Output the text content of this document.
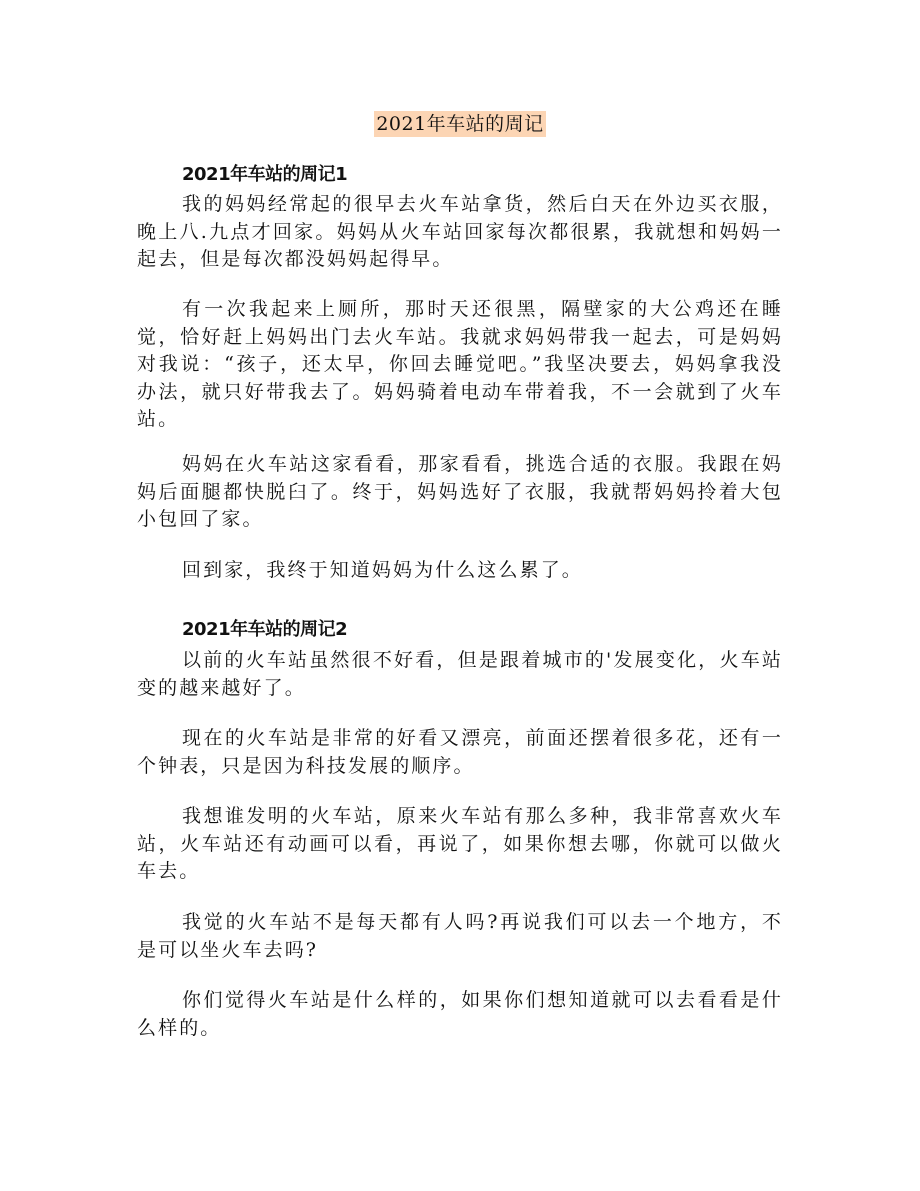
2021年车站的周记
2021年车站的周记1

我的妈妈经常起的很早去火车站拿货，然后白天在外边买衣服，晚上八.九点才回家。妈妈从火车站回家每次都很累，我就想和妈妈一起去，但是每次都没妈妈起得早。

有一次我起来上厕所，那时天还很黑，隔壁家的大公鸡还在睡觉，恰好赶上妈妈出门去火车站。我就求妈妈带我一起去，可是妈妈对我说：“孩子，还太早，你回去睡觉吧。”我坚决要去，妈妈拿我没办法，就只好带我去了。妈妈骑着电动车带着我，不一会就到了火车站。

妈妈在火车站这家看看，那家看看，挑选合适的衣服。我跟在妈妈后面腿都快脱臼了。终于，妈妈选好了衣服，我就帮妈妈拎着大包小包回了家。

回到家，我终于知道妈妈为什么这么累了。

2021年车站的周记2

以前的火车站虽然很不好看，但是跟着城市的'发展变化，火车站变的越来越好了。

现在的火车站是非常的好看又漂亮，前面还摆着很多花，还有一个钟表，只是因为科技发展的顺序。

我想谁发明的火车站，原来火车站有那么多种，我非常喜欢火车站，火车站还有动画可以看，再说了，如果你想去哪，你就可以做火车去。

我觉的火车站不是每天都有人吗?再说我们可以去一个地方，不是可以坐火车去吗?

你们觉得火车站是什么样的，如果你们想知道就可以去看看是什么样的。
